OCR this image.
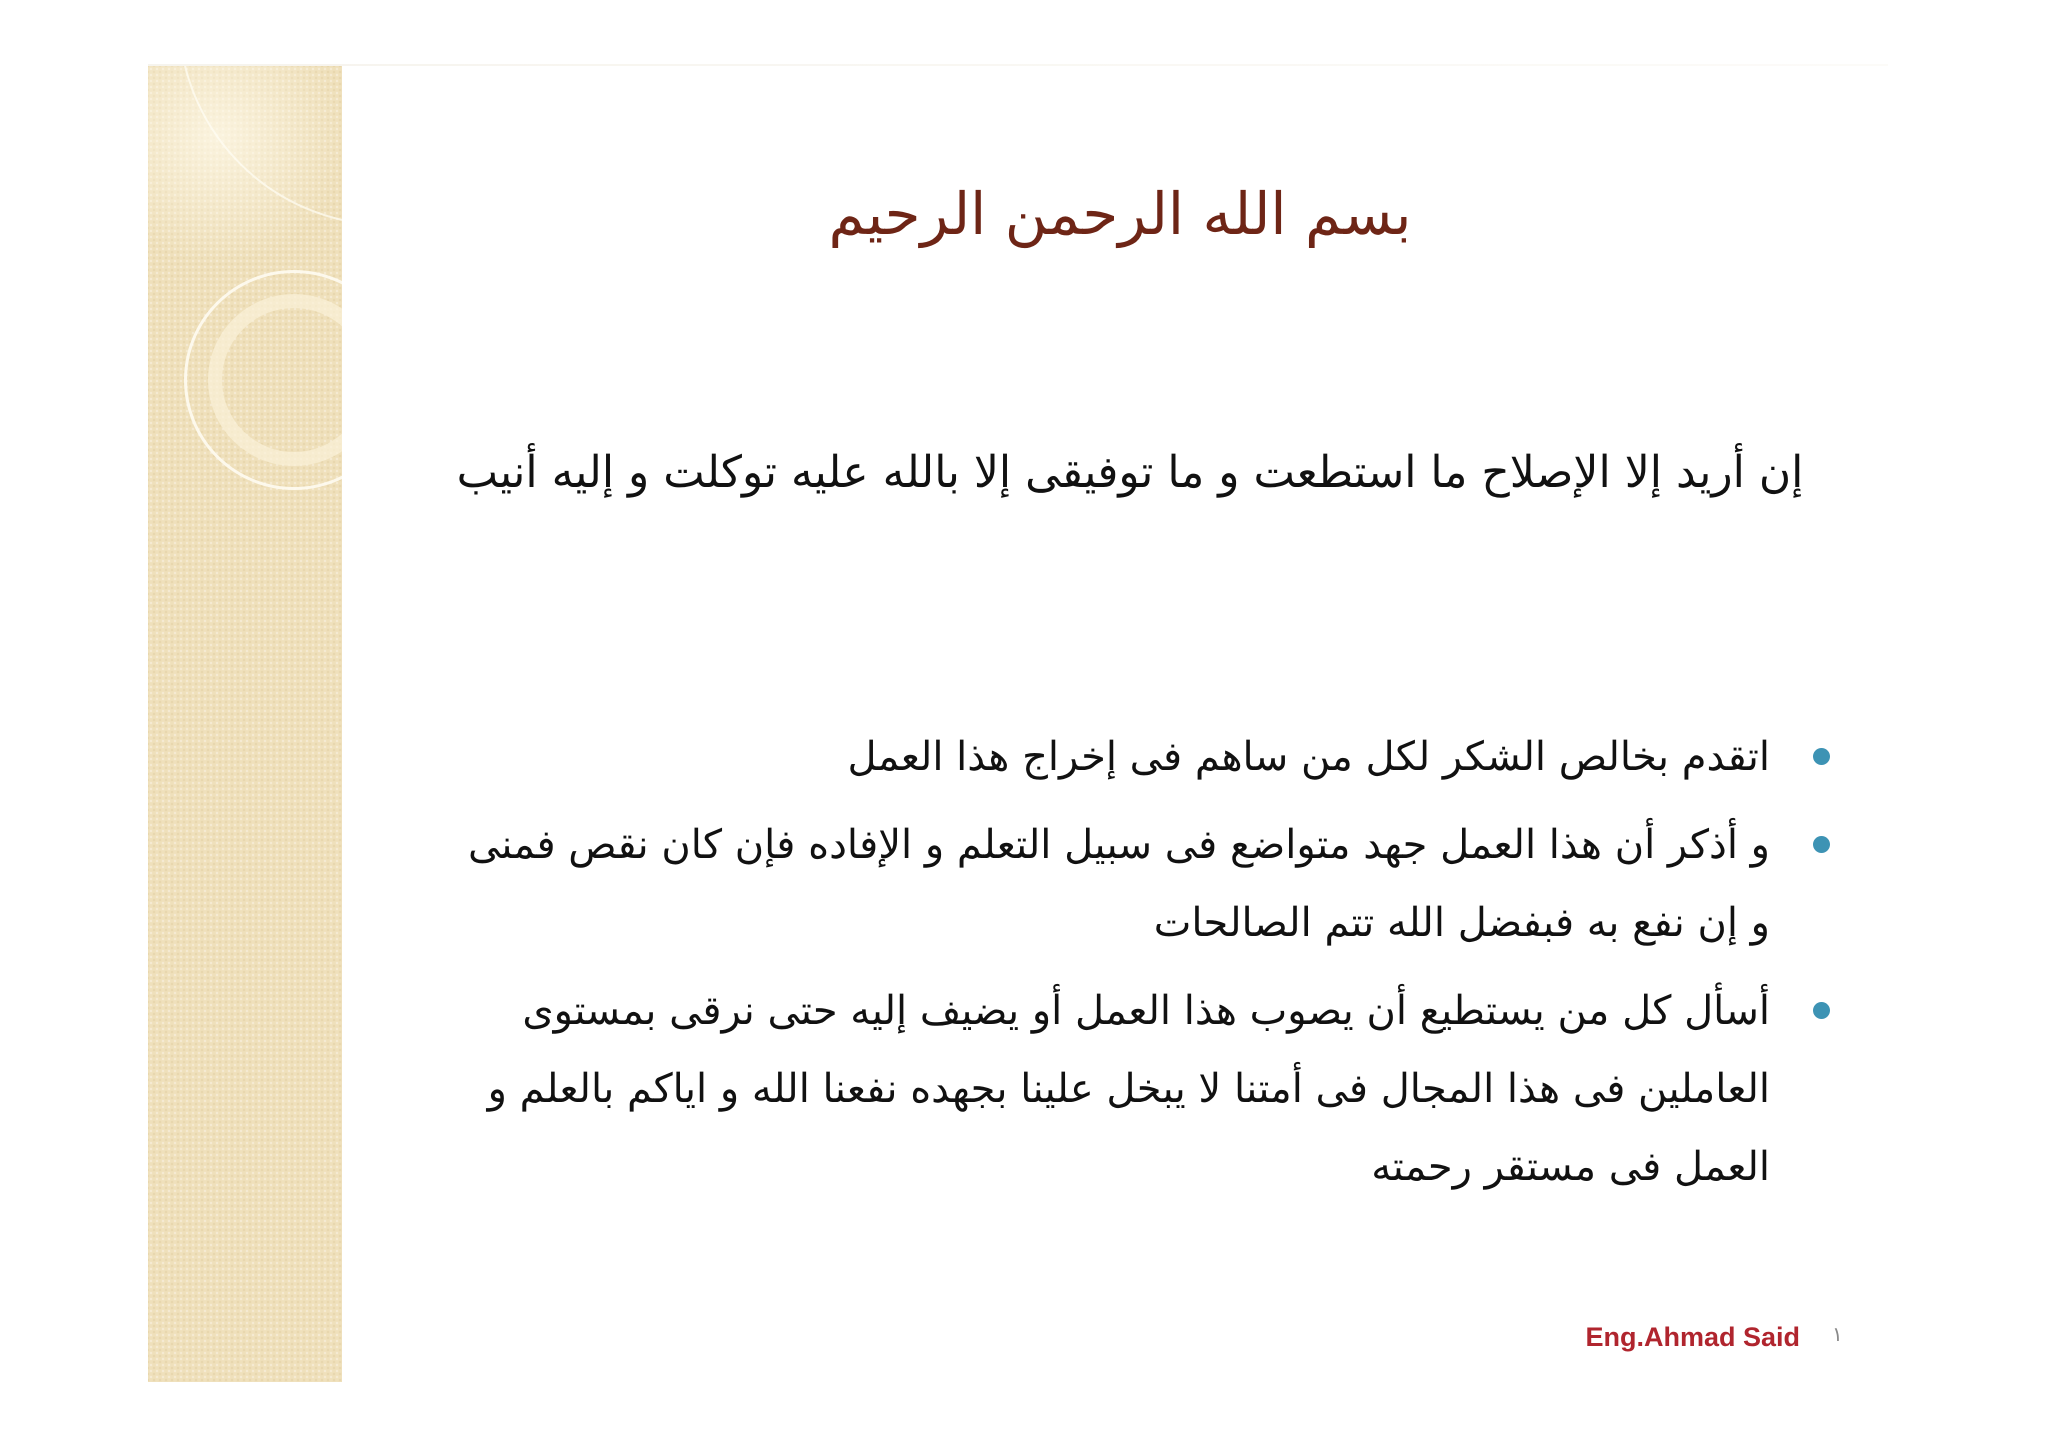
بسم الله الرحمن الرحيم
إن أريد إلا الإصلاح ما استطعت و ما توفيقى إلا بالله عليه توكلت و إليه أنيب
اتقدم بخالص الشكر لكل من ساهم فى إخراج هذا العمل
و أذكر أن هذا العمل جهد متواضع فى سبيل التعلم و الإفاده فإن كان نقص فمنى و إن نفع به فبفضل الله تتم الصالحات
أسأل كل من يستطيع أن يصوب هذا العمل أو يضيف إليه حتى نرقى بمستوى العاملين فى هذا المجال فى أمتنا لا يبخل علينا بجهده نفعنا الله و اياكم بالعلم و العمل فى مستقر رحمته
Eng.Ahmad Said ١
